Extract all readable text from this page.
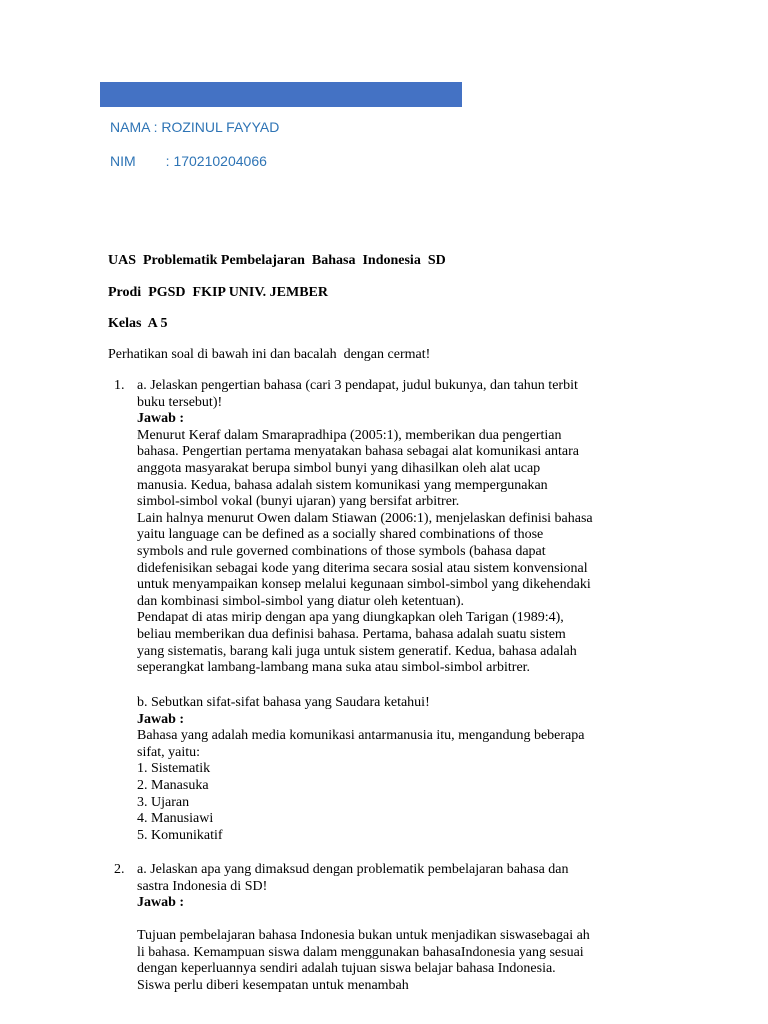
NAMA : ROZINUL FAYYAD
NIM : 170210204066
UAS  Problematik Pembelajaran  Bahasa  Indonesia  SD
Prodi  PGSD  FKIP UNIV. JEMBER
Kelas  A 5
Perhatikan soal di bawah ini dan bacalah  dengan cermat!
1. a. Jelaskan pengertian bahasa (cari 3 pendapat, judul bukunya, dan tahun terbit
buku tersebut)!

Jawab :

Menurut Keraf dalam Smarapradhipa (2005:1), memberikan dua pengertian
bahasa. Pengertian pertama menyatakan bahasa sebagai alat komunikasi antara
anggota masyarakat berupa simbol bunyi yang dihasilkan oleh alat ucap
manusia. Kedua, bahasa adalah sistem komunikasi yang mempergunakan
simbol-simbol vokal (bunyi ujaran) yang bersifat arbitrer.

Lain halnya menurut Owen dalam Stiawan (2006:1), menjelaskan definisi bahasa
yaitu language can be defined as a socially shared combinations of those
symbols and rule governed combinations of those symbols (bahasa dapat
didefenisikan sebagai kode yang diterima secara sosial atau sistem konvensional
untuk menyampaikan konsep melalui kegunaan simbol-simbol yang dikehendaki
dan kombinasi simbol-simbol yang diatur oleh ketentuan).

Pendapat di atas mirip dengan apa yang diungkapkan oleh Tarigan (1989:4),
beliau memberikan dua definisi bahasa. Pertama, bahasa adalah suatu sistem
yang sistematis, barang kali juga untuk sistem generatif. Kedua, bahasa adalah
seperangkat lambang-lambang mana suka atau simbol-simbol arbitrer.

b. Sebutkan sifat-sifat bahasa yang Saudara ketahui!

Jawab :

Bahasa yang adalah media komunikasi antarmanusia itu, mengandung beberapa
sifat, yaitu:

1. Sistematik
2. Manasuka
3. Ujaran
4. Manusiawi
5. Komunikatif
2. a. Jelaskan apa yang dimaksud dengan problematik pembelajaran bahasa dan
sastra Indonesia di SD!

Jawab :

Tujuan pembelajaran bahasa Indonesia bukan untuk menjadikan siswasebagai ah
li bahasa. Kemampuan siswa dalam menggunakan bahasaIndonesia yang sesuai
dengan keperluannya sendiri adalah tujuan siswa belajar bahasa Indonesia.
Siswa perlu diberi kesempatan untuk menambah
